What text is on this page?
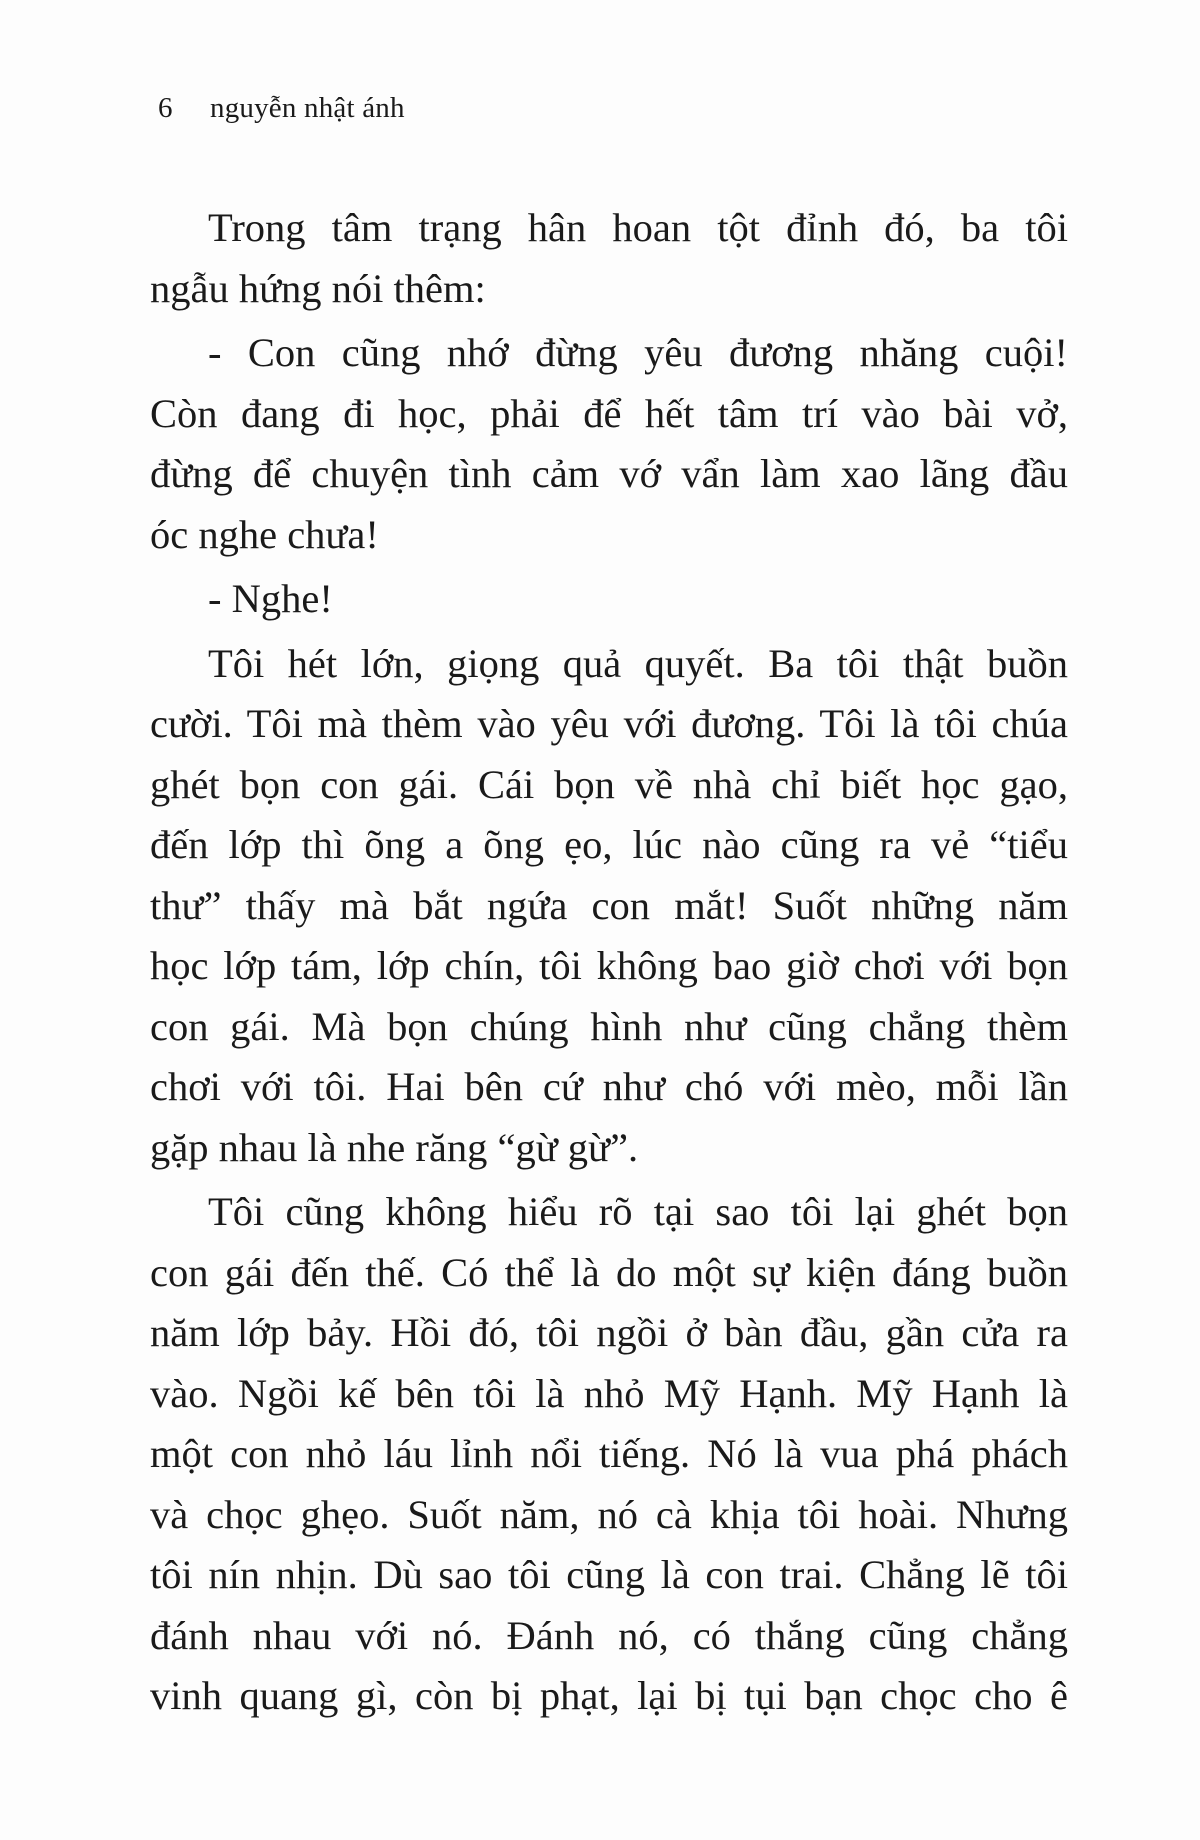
6 nguyễn nhật ánh

Trong tâm trạng hân hoan tột đỉnh đó, ba tôi
ngẫu hứng nói thêm:

- Con cũng nhớ đừng yêu đương nhăng cuội!
Còn đang đi học, phải để hết tâm trí vào bài vở,
đừng để chuyện tình cảm vớ vẩn làm xao lãng đầu
óc nghe chưa!

- Nghe!

Tôi hét lớn, giọng quả quyết. Ba tôi thật buồn
cười. Tôi mà thèm vào yêu với đương. Tôi là tôi chúa
ghét bọn con gái. Cái bọn về nhà chỉ biết học gạo,
đến lớp thì õng a õng ẹo, lúc nào cũng ra vẻ “tiểu
thư” thấy mà bắt ngứa con mắt! Suốt những năm
học lớp tám, lớp chín, tôi không bao giờ chơi với bọn
con gái. Mà bọn chúng hình như cũng chẳng thèm
chơi với tôi. Hai bên cứ như chó với mèo, mỗi lần
gặp nhau là nhe răng “gừ gừ”.

Tôi cũng không hiểu rõ tại sao tôi lại ghét bọn
con gái đến thế. Có thể là do một sự kiện đáng buồn
năm lớp bảy. Hồi đó, tôi ngồi ở bàn đầu, gần cửa ra
vào. Ngồi kế bên tôi là nhỏ Mỹ Hạnh. Mỹ Hạnh là
một con nhỏ láu lỉnh nổi tiếng. Nó là vua phá phách
và chọc ghẹo. Suốt năm, nó cà khịa tôi hoài. Nhưng
tôi nín nhịn. Dù sao tôi cũng là con trai. Chẳng lẽ tôi
đánh nhau với nó. Đánh nó, có thắng cũng chẳng
vinh quang gì, còn bị phạt, lại bị tụi bạn chọc cho ê
